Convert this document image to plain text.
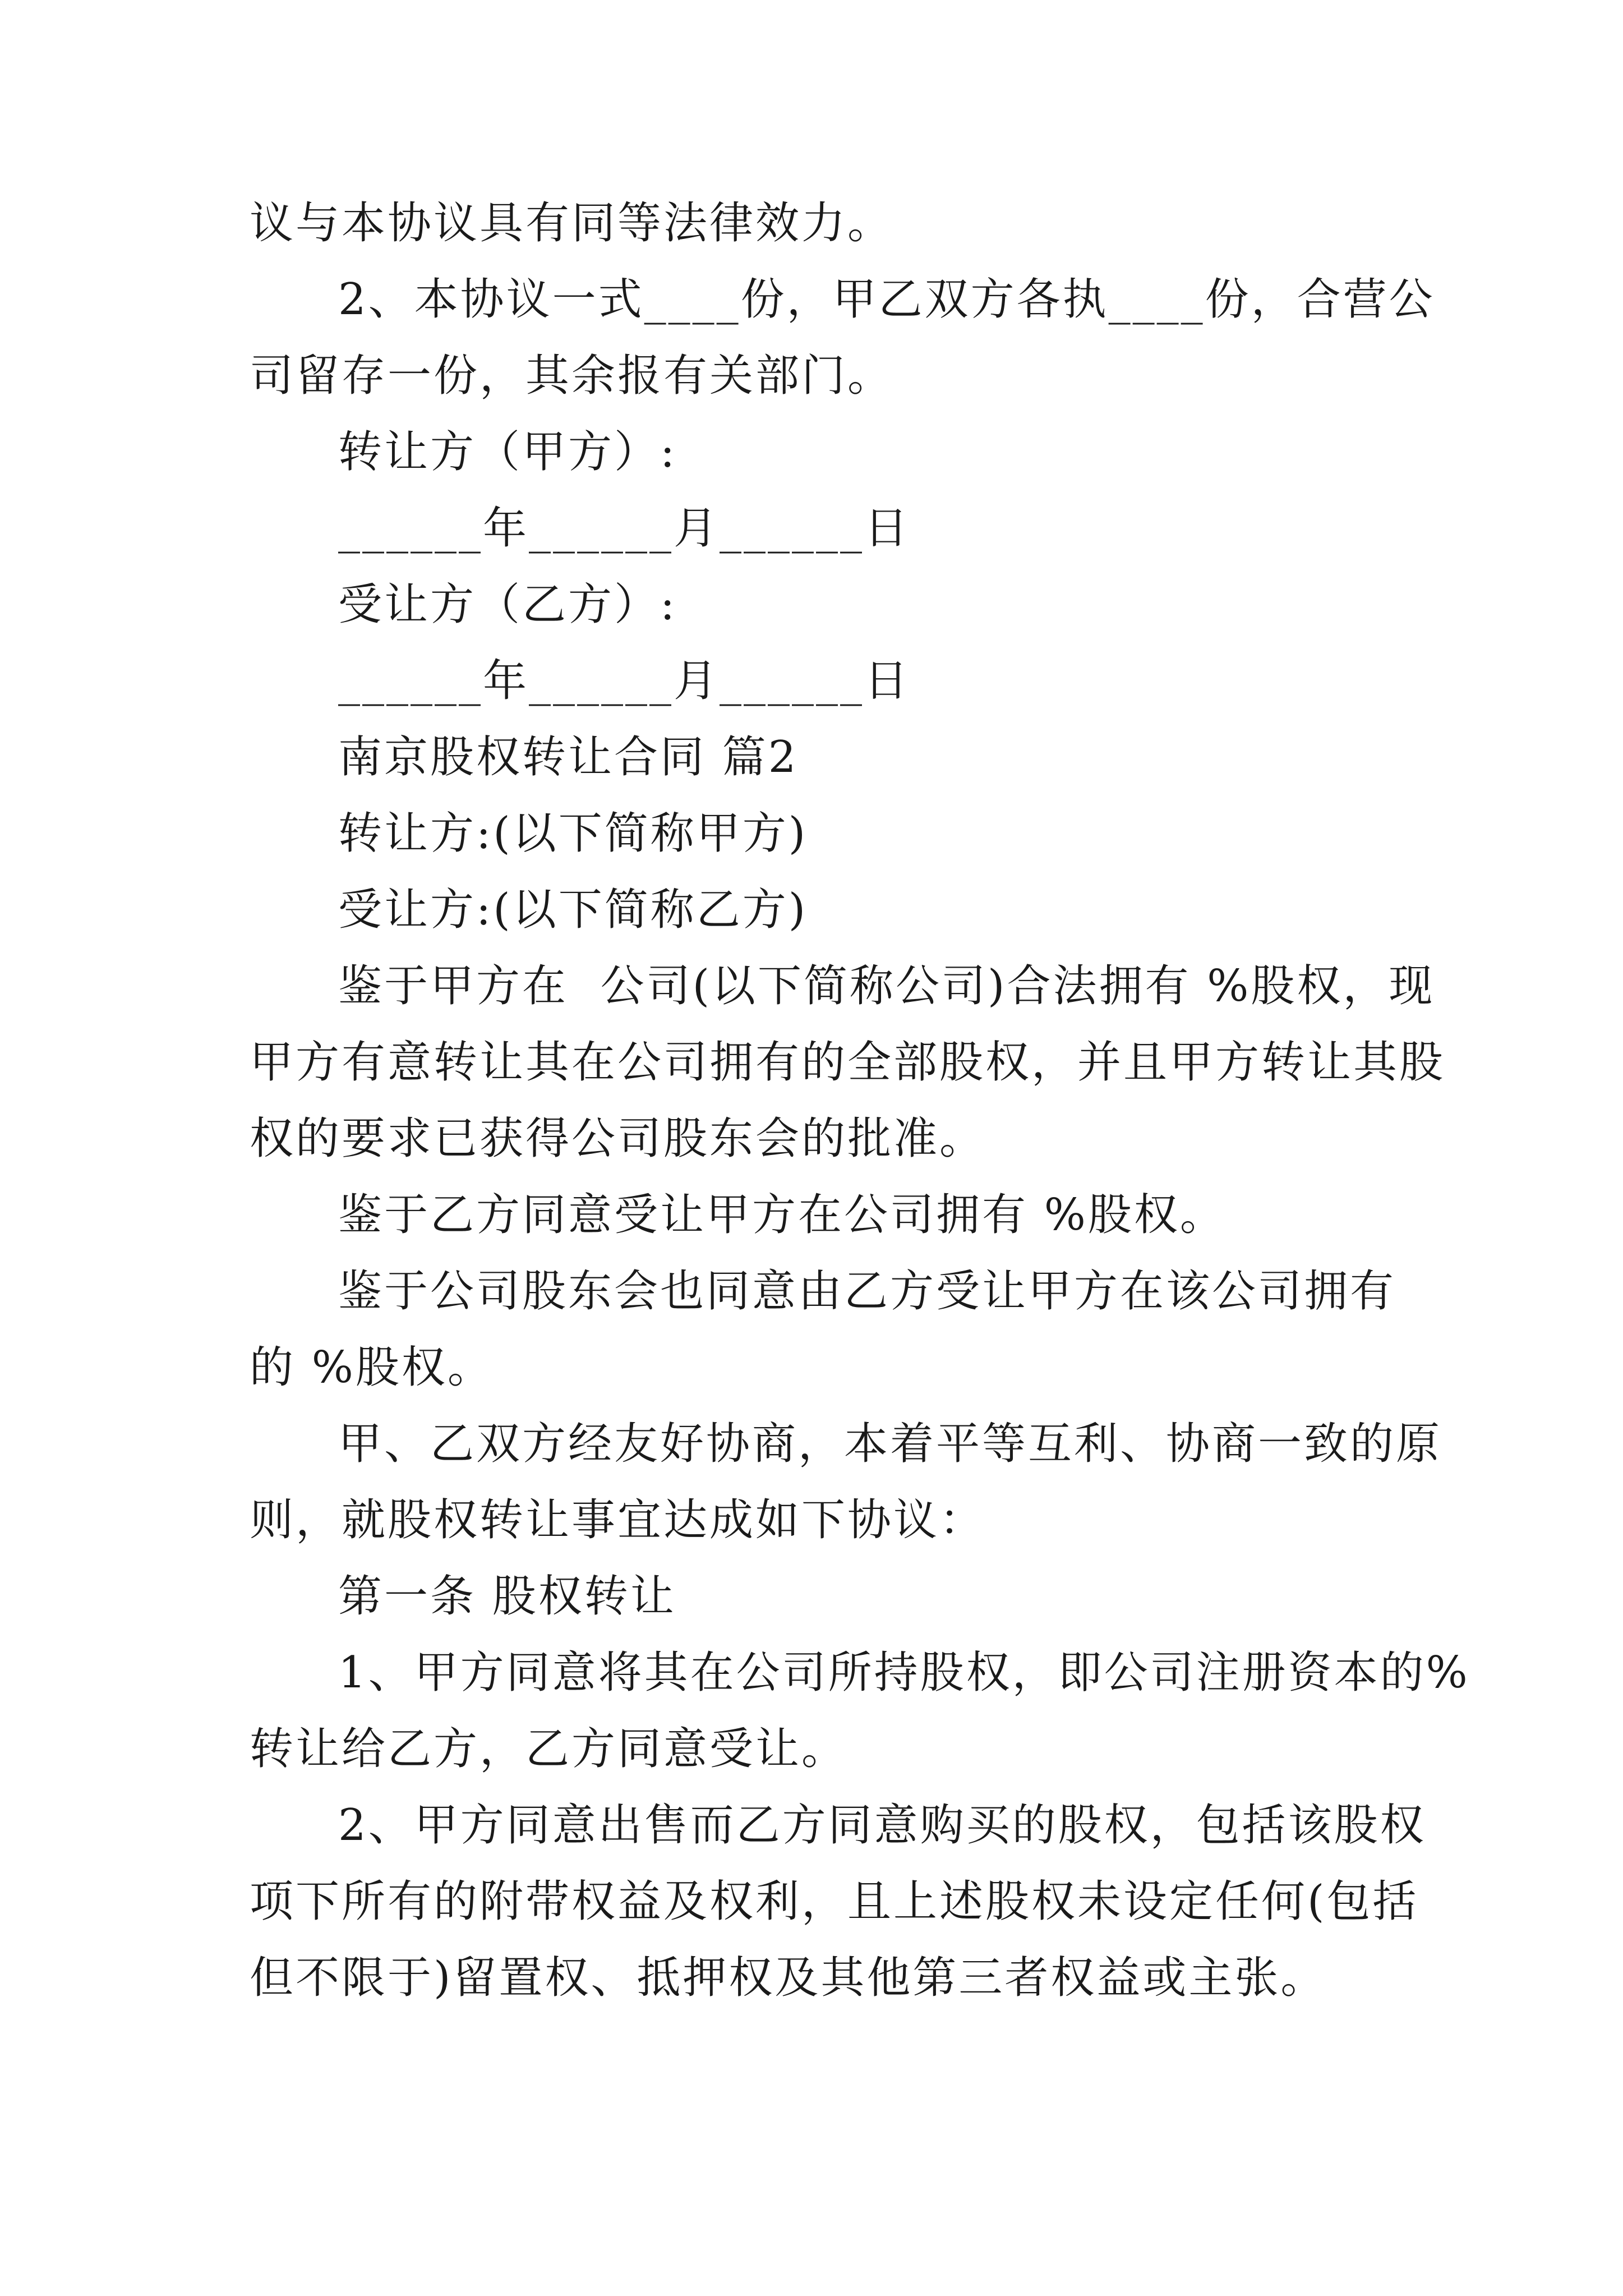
议与本协议具有同等法律效力。
2、本协议一式____份，甲乙双方各执____份，合营公
司留存一份，其余报有关部门。
转让方（甲方）:
______年______月______日
受让方（乙方）:
______年______月______日
南京股权转让合同 篇2
转让方:(以下简称甲方)
受让方:(以下简称乙方)
鉴于甲方在  公司(以下简称公司)合法拥有 %股权，现
甲方有意转让其在公司拥有的全部股权，并且甲方转让其股
权的要求已获得公司股东会的批准。
鉴于乙方同意受让甲方在公司拥有 %股权。
鉴于公司股东会也同意由乙方受让甲方在该公司拥有
的 %股权。
甲、乙双方经友好协商，本着平等互利、协商一致的原
则，就股权转让事宜达成如下协议：
第一条 股权转让
1、甲方同意将其在公司所持股权，即公司注册资本的%
转让给乙方，乙方同意受让。
2、甲方同意出售而乙方同意购买的股权，包括该股权
项下所有的附带权益及权利，且上述股权未设定任何(包括
但不限于)留置权、抵押权及其他第三者权益或主张。
